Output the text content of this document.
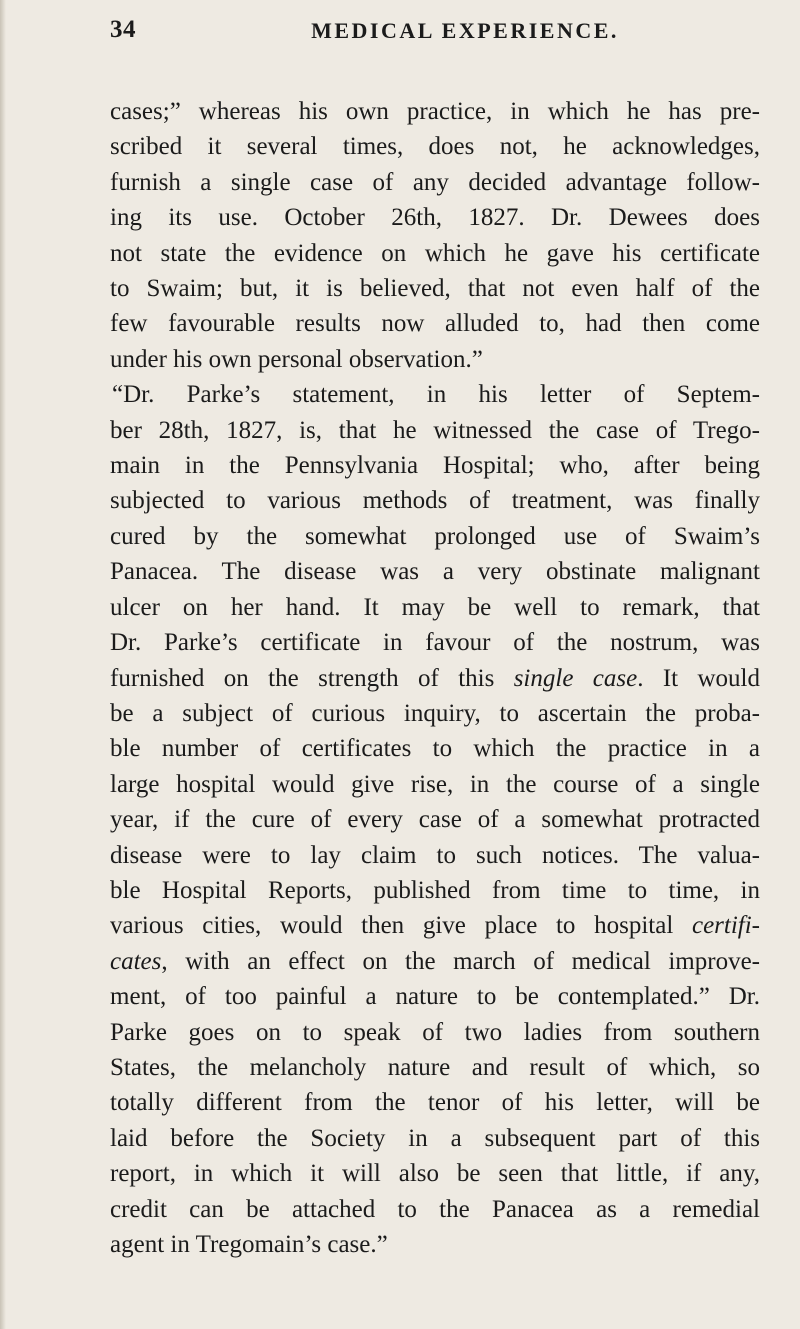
34	MEDICAL EXPERIENCE.
cases;” whereas his own practice, in which he has pre-
scribed it several times, does not, he acknowledges,
furnish a single case of any decided advantage follow-
ing its use. October 26th, 1827. Dr. Dewees does
not state the evidence on which he gave his certificate
to Swaim; but, it is believed, that not even half of the
few favourable results now alluded to, had then come
under his own personal observation.”
“Dr. Parke’s statement, in his letter of Septem-
ber 28th, 1827, is, that he witnessed the case of Trego-
main in the Pennsylvania Hospital; who, after being
subjected to various methods of treatment, was finally
cured by the somewhat prolonged use of Swaim’s
Panacea. The disease was a very obstinate malignant
ulcer on her hand. It may be well to remark, that
Dr. Parke’s certificate in favour of the nostrum, was
furnished on the strength of this single case. It would
be a subject of curious inquiry, to ascertain the proba-
ble number of certificates to which the practice in a
large hospital would give rise, in the course of a single
year, if the cure of every case of a somewhat protracted
disease were to lay claim to such notices. The valua-
ble Hospital Reports, published from time to time, in
various cities, would then give place to hospital certifi-
cates, with an effect on the march of medical improve-
ment, of too painful a nature to be contemplated.” Dr.
Parke goes on to speak of two ladies from southern
States, the melancholy nature and result of which, so
totally different from the tenor of his letter, will be
laid before the Society in a subsequent part of this
report, in which it will also be seen that little, if any,
credit can be attached to the Panacea as a remedial
agent in Tregomain’s case.”
